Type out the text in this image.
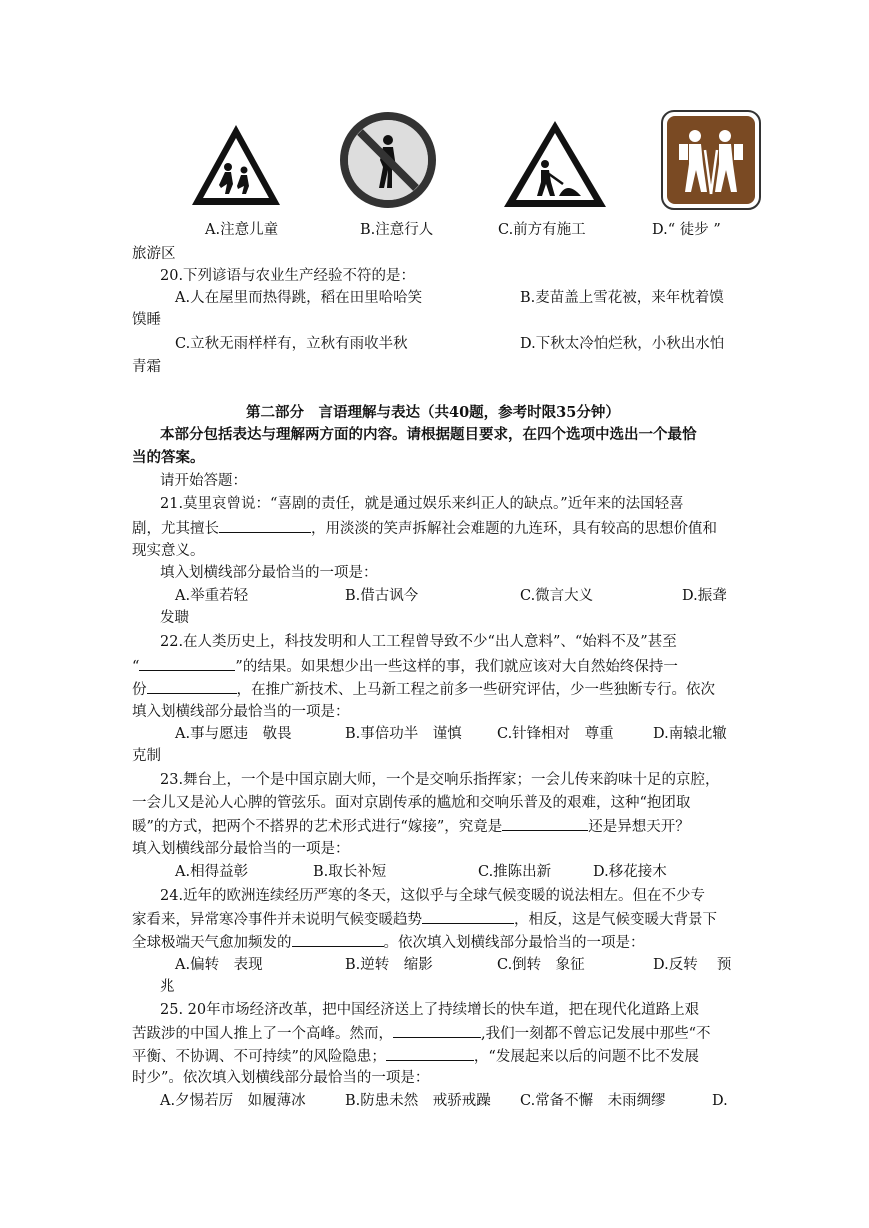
A.注意儿童	B.注意行人	C.前方有施工	D.“ 徒步 ”
旅游区
20.下列谚语与农业生产经验不符的是：
A.人在屋里而热得跳，稻在田里哈哈笑	B.麦苗盖上雪花被，来年枕着馍
馍睡
C.立秋无雨样样有，立秋有雨收半秋	D.下秋太冷怕烂秋，小秋出水怕
青霜
第二部分　言语理解与表达（共40题，参考时限35分钟）
本部分包括表达与理解两方面的内容。请根据题目要求，在四个选项中选出一个最恰
当的答案。
请开始答题：
21.莫里哀曾说：“喜剧的责任，就是通过娱乐来纠正人的缺点。”近年来的法国轻喜
剧，尤其擅长	，用淡淡的笑声拆解社会难题的九连环，具有较高的思想价值和
现实意义。
填入划横线部分最恰当的一项是：
A.举重若轻	B.借古讽今	C.微言大义	D.振聋
发聩
22.在人类历史上，科技发明和人工工程曾导致不少“出人意料”、“始料不及”甚至
“	”的结果。如果想少出一些这样的事，我们就应该对大自然始终保持一
份	，在推广新技术、上马新工程之前多一些研究评估，少一些独断专行。依次
填入划横线部分最恰当的一项是：
A.事与愿违　敬畏	B.事倍功半　谨慎 C.针锋相对　尊重	D.南辕北辙
克制
23.舞台上，一个是中国京剧大师，一个是交响乐指挥家；一会儿传来韵味十足的京腔，
一会儿又是沁人心脾的管弦乐。面对京剧传承的尴尬和交响乐普及的艰难，这种“抱团取
暖”的方式，把两个不搭界的艺术形式进行“嫁接”，究竟是	还是异想天开？
填入划横线部分最恰当的一项是：
A.相得益彰	B.取长补短	C.推陈出新	D.移花接木
24.近年的欧洲连续经历严寒的冬天，这似乎与全球气候变暖的说法相左。但在不少专
家看来，异常寒冷事件并未说明气候变暖趋势	，相反，这是气候变暖大背景下
全球极端天气愈加频发的	。依次填入划横线部分最恰当的一项是：
A.偏转　表现	B.逆转　缩影	C.倒转　象征	D.反转　 预
兆
25. 20年市场经济改革，把中国经济送上了持续增长的快车道，把在现代化道路上艰
苦跋涉的中国人推上了一个高峰。然而，	,我们一刻都不曾忘记发展中那些“不
平衡、不协调、不可持续”的风险隐患；	，“发展起来以后的问题不比不发展
时少”。依次填入划横线部分最恰当的一项是：
A.夕惕若厉　如履薄冰	B.防患未然　戒骄戒躁 C.常备不懈　未雨绸缪	D.
